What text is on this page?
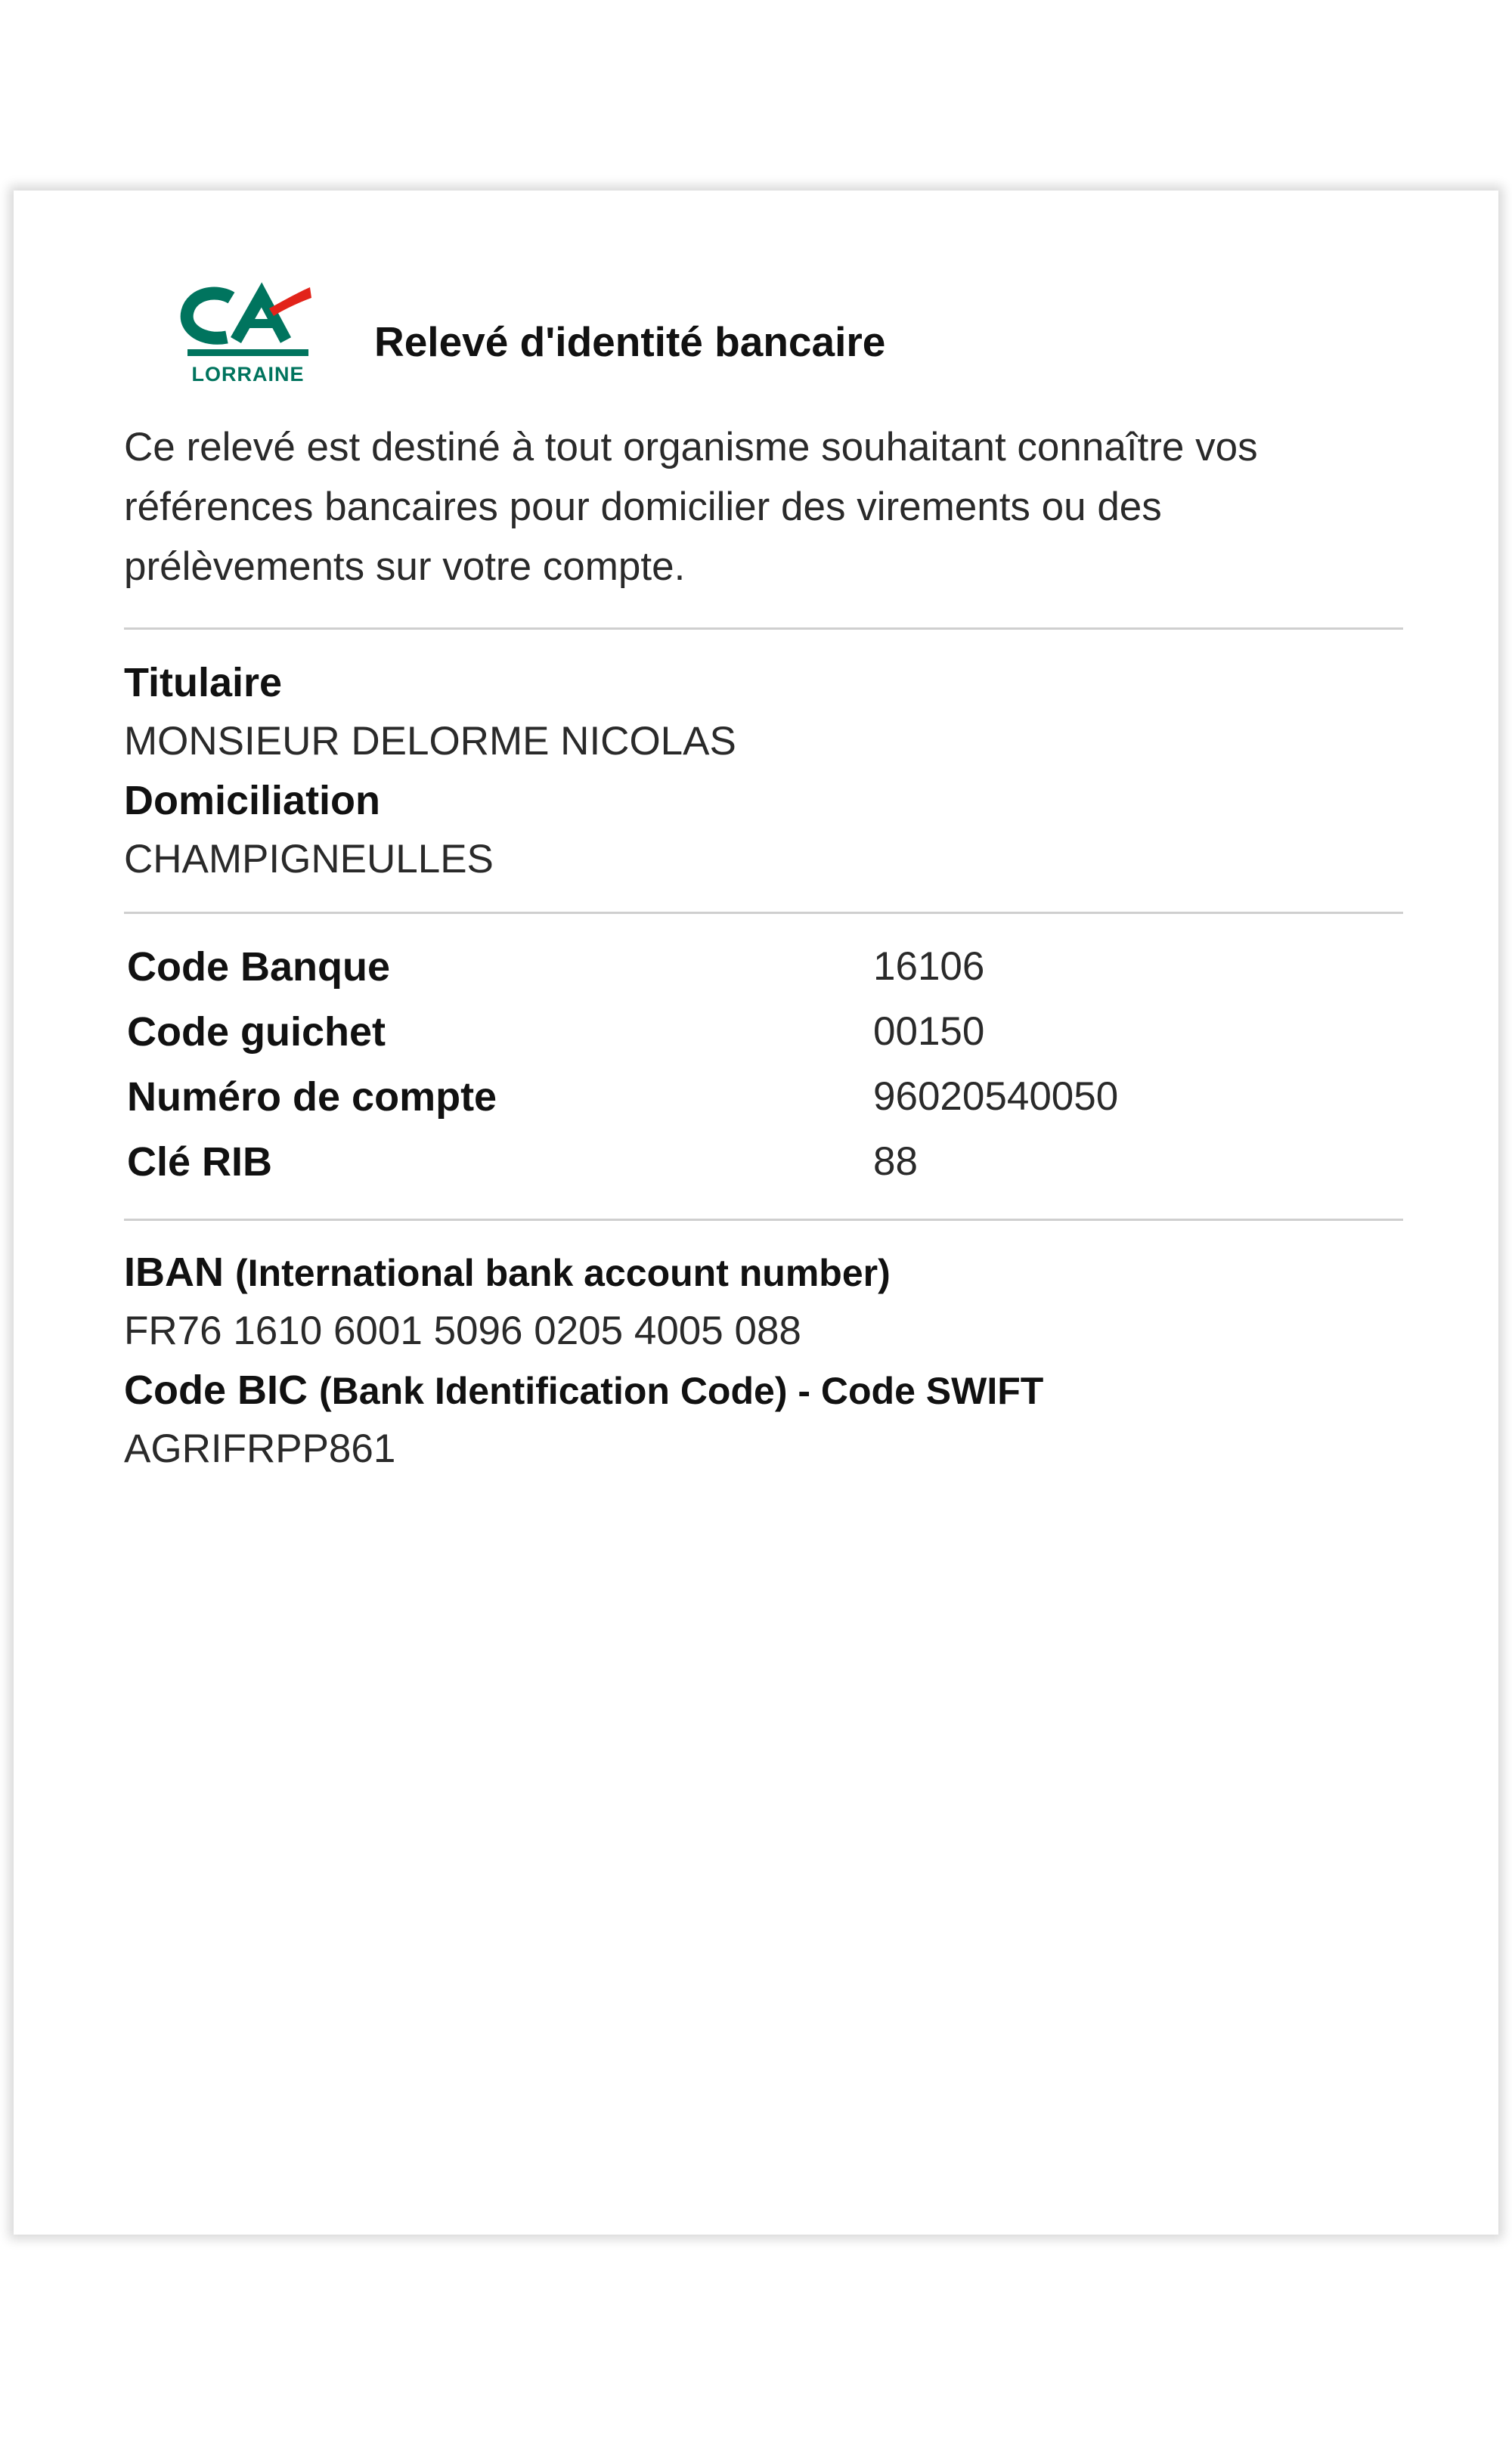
LORRAINE
Relevé d'identité bancaire
Ce relevé est destiné à tout organisme souhaitant connaître vos
références bancaires pour domicilier des virements ou des
prélèvements sur votre compte.
Titulaire
MONSIEUR DELORME NICOLAS
Domiciliation
CHAMPIGNEULLES
Code Banque	16106
Code guichet	00150
Numéro de compte	96020540050
Clé RIB	88
IBAN (International bank account number)
FR76 1610 6001 5096 0205 4005 088
Code BIC (Bank Identification Code) - Code SWIFT
AGRIFRPP861
